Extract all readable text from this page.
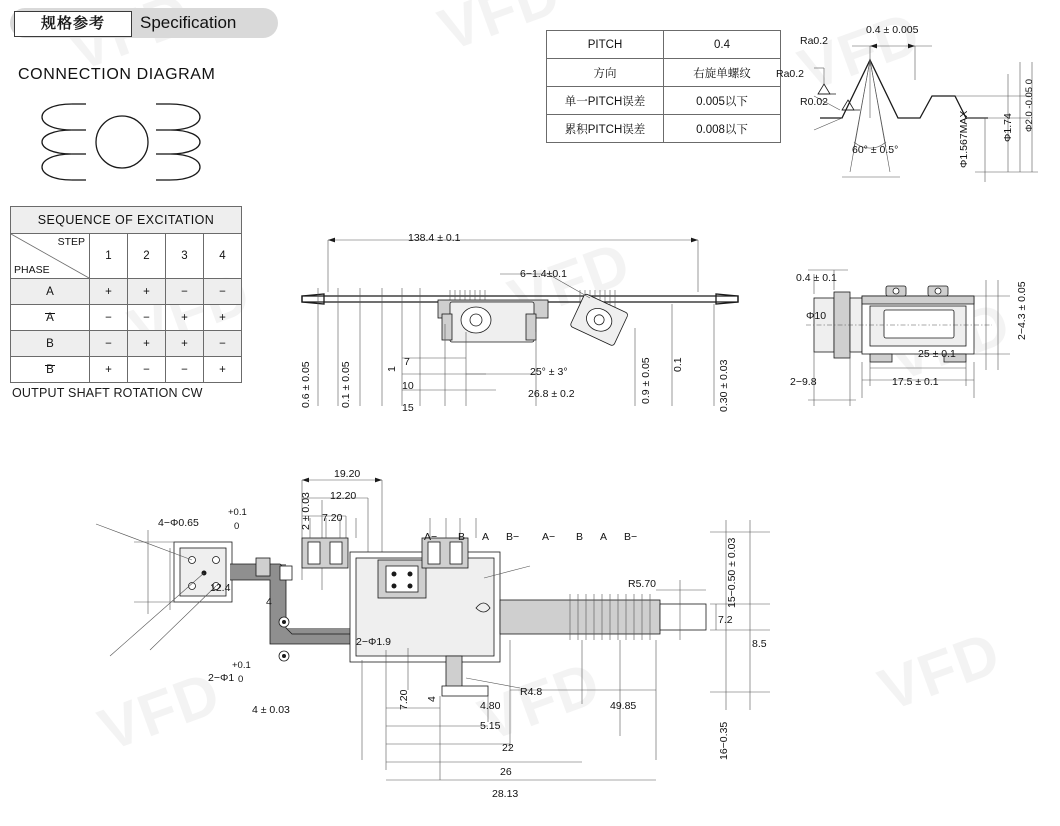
规格参考	Specification
CONNECTION DIAGRAM
SEQUENCE OF EXCITATION				

STEP
PHASE	1	2	3	4
A	+	+	−	−
A	−	−	+	+
B	−	+	+	−
B	+	−	−	+
OUTPUT SHAFT ROTATION CW
PITCH	0.4
方向	右旋单螺纹
单一PITCH误差	0.005以下
累积PITCH误差	0.008以下
0.4 ± 0.005
Ra0.2
Ra0.2
R0.02
60° ± 0.5°	Φ1.567MAX	Φ1.74 Φ2.0 -0.05 0
138.4 ± 0.1
6−1.4±0.1
0.6 ± 0.05	0.1 ± 0.05	1
7
10
15
25° ± 3°
26.8 ± 0.2	0.9 ± 0.05 0.1	0.30 ± 0.03
0.4 ± 0.1
Φ10
25 ± 0.1
17.5 ± 0.1
2−9.8
2−4.3 ± 0.05
19.20
12.20
7.20
2 ± 0.03
4−Φ0.65
+0.1
0
12.4
4
2−Φ1.9
2−Φ1
+0.1
0
4 ± 0.03
A− B A B− A− B A B−
R5.70
R4.8
7.2
8.5
15−0.50 ± 0.03
16−0.35
7.20 4
4.80
5.15
22
26
28.13
49.85
